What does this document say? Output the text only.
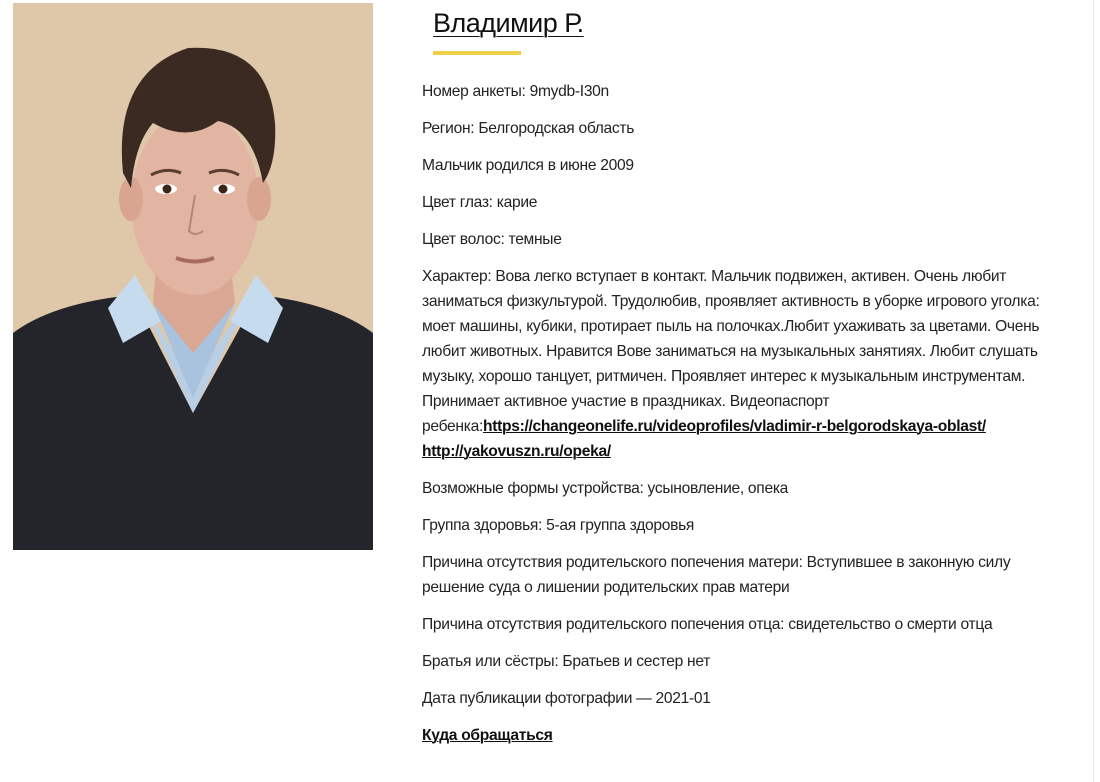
Владимир Р.

Номер анкеты: 9mydb-I30n

Регион: Белгородская область

Мальчик родился в июне 2009

Цвет глаз: карие

Цвет волос: темные

Характер: Вова легко вступает в контакт. Мальчик подвижен, активен. Очень любит заниматься физкультурой. Трудолюбив, проявляет активность в уборке игрового уголка: моет машины, кубики, протирает пыль на полочках.Любит ухаживать за цветами. Очень любит животных. Нравится Вове заниматься на музыкальных занятиях. Любит слушать музыку, хорошо танцует, ритмичен. Проявляет интерес к музыкальным инструментам. Принимает активное участие в праздниках. Видеопаспорт ребенка:https://changeonelife.ru/videoprofiles/vladimir-r-belgorodskaya-oblast/ http://yakovuszn.ru/opeka/

Возможные формы устройства: усыновление, опека

Группа здоровья: 5-ая группа здоровья

Причина отсутствия родительского попечения матери: Вступившее в законную силу решение суда о лишении родительских прав матери

Причина отсутствия родительского попечения отца: свидетельство о смерти отца

Братья или сёстры: Братьев и сестер нет

Дата публикации фотографии — 2021-01

Куда обращаться
